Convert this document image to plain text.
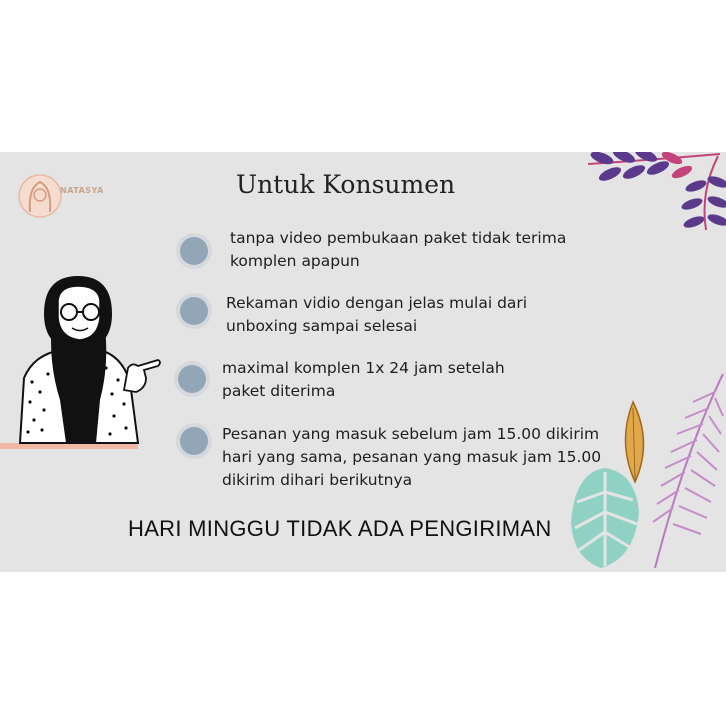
NATASYA	Untuk Konsumen
tanpa video pembukaan paket tidak terima
komplen apapun
Rekaman vidio dengan jelas mulai dari
unboxing sampai selesai
maximal komplen 1x 24 jam setelah
paket diterima
Pesanan yang masuk sebelum jam 15.00 dikirim
hari yang sama, pesanan yang masuk jam 15.00
dikirim dihari berikutnya
HARI MINGGU TIDAK ADA PENGIRIMAN
